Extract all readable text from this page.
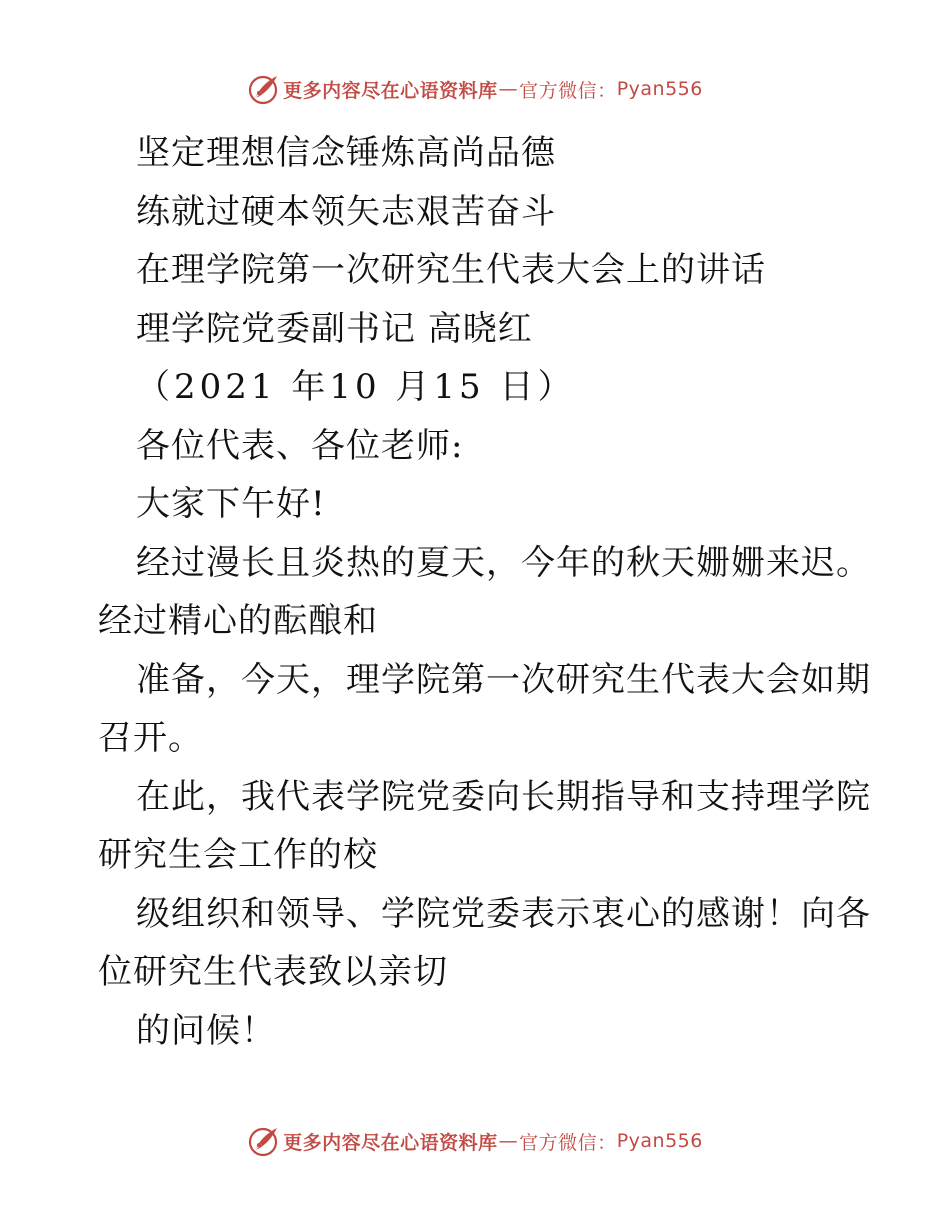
更多内容尽在心语资料库 — 官方微信： Pyan556
坚定理想信念锤炼高尚品德
练就过硬本领矢志艰苦奋斗
在理学院第一次研究生代表大会上的讲话
理学院党委副书记 高晓红
（2021 年10 月15 日）
各位代表、各位老师:
大家下午好!
经过漫长且炎热的夏天，今年的秋天姗姗来迟。
经过精心的酝酿和
准备，今天，理学院第一次研究生代表大会如期
召开。
在此，我代表学院党委向长期指导和支持理学院
研究生会工作的校
级组织和领导、学院党委表示衷心的感谢！向各
位研究生代表致以亲切
的问候！
更多内容尽在心语资料库 — 官方微信： Pyan556
